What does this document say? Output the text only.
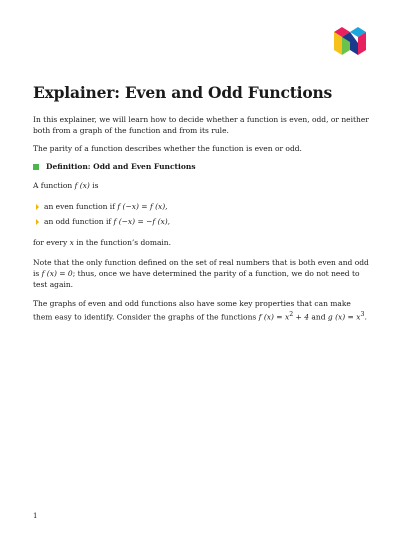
Explainer: Even and Odd Functions

In this explainer, we will learn how to decide whether a function is even, odd, or neither both from a graph of the function and from its rule.

The parity of a function describes whether the function is even or odd.

Definition: Odd and Even Functions

A function f (x) is

an even function if
f (−x) = f (x),
an odd function if
f (−x) = −f (x),

for every x in the function’s domain.

Note that the only function defined on the set of real numbers that is both even and odd is f (x) = 0; thus, once we have determined the parity of a function, we do not need to test again.

The graphs of even and odd functions also have some key properties that can make them easy to identify. Consider the graphs of the functions f $(x) = x^2 + 4$ and g $(x) = x^3$.

1
